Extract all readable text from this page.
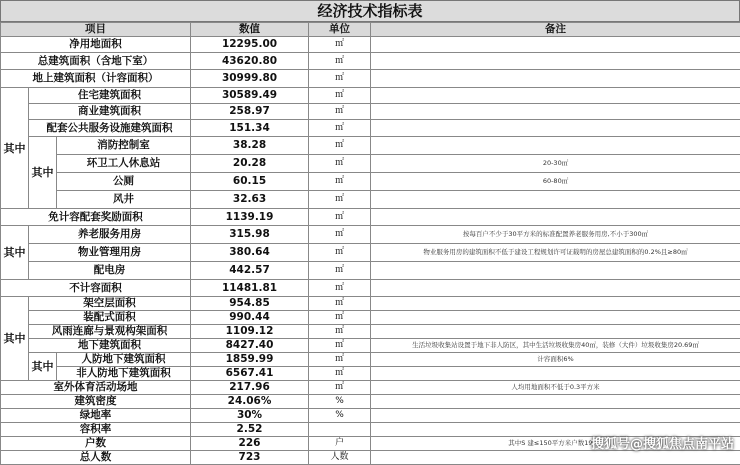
经济技术指标表
项目			数值	单位	备注
净用地面积			12295.00	㎡	
总建筑面积（含地下室）			43620.80	㎡	
地上建筑面积（计容面积）			30999.80	㎡	
其中	住宅建筑面积		30589.49	㎡	
	商业建筑面积		258.97	㎡	
	配套公共服务设施建筑面积		151.34	㎡	
	其中	消防控制室	38.28	㎡	
		环卫工人休息站	20.28	㎡	20-30㎡
		公厕	60.15	㎡	60-80㎡
		风井	32.63	㎡	
免计容配套奖励面积			1139.19	㎡	
其中	养老服务用房		315.98	㎡	按每百户不少于30平方米的标准配置养老服务用房,不小于300㎡
	物业管理用房		380.64	㎡	物业服务用房的建筑面积不低于建设工程规划许可证载明的房屋总建筑面积的0.2%且≥80㎡
	配电房		442.57	㎡	
不计容面积			11481.81	㎡	
其中	架空层面积		954.85	㎡	
	装配式面积		990.44	㎡	
	风雨连廊与景观构架面积		1109.12	㎡	
	地下建筑面积		8427.40	㎡	生活垃圾收集站设置于地下非人防区，其中生活垃圾收集房40㎡，装修（大件）垃圾收集房20.69㎡
	其中	人防地下建筑面积	1859.99	㎡	计容面积6%
		非人防地下建筑面积	6567.41	㎡	
室外体育活动场地			217.96	㎡	人均用地面积不低于0.3平方米
建筑密度			24.06%	%	
绿地率			30%	%	
容积率			2.52		
户数			226	户	其中S 建≤150平方米户数190...
总人数			723	人数	
搜狐号@搜狐焦点南平站
